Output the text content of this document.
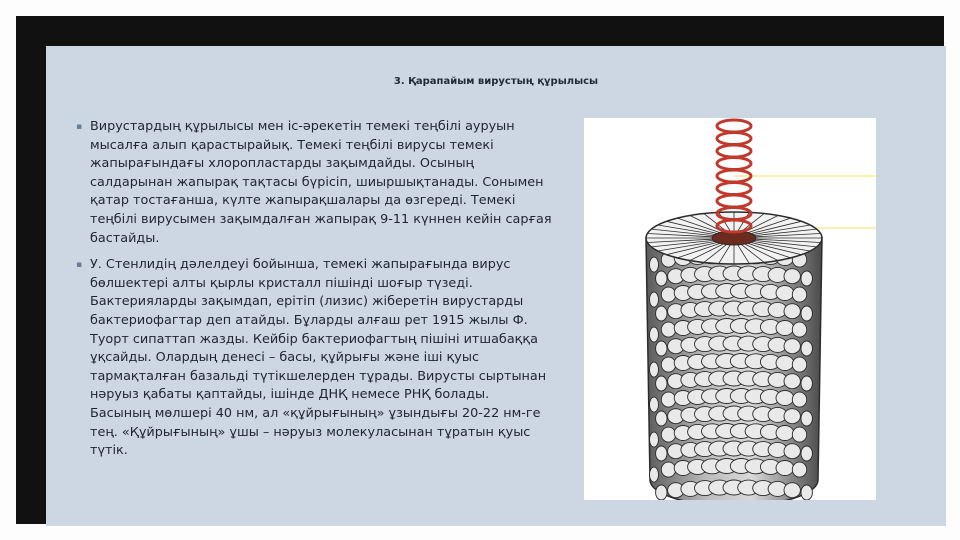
3. Қарапайым вирустың құрылысы

▪ Вирустардың құрылысы мен іс-әрекетін темекі теңбілі ауруын мысалға алып қарастырайық. Темекі теңбілі вирусы темекі жапырағындағы хлоропластарды зақымдайды. Осының салдарынан жапырақ тақтасы бүрісіп, шиыршықтанады. Сонымен қатар тостағанша, күлте жапырақшалары да өзгереді. Темекі теңбілі вирусымен зақымдалған жапырақ 9-11 күннен кейін сарғая бастайды.

▪ У. Стенлидің дәлелдеуі бойынша, темекі жапырағында вирус бөлшектері алты қырлы кристалл пішінді шоғыр түзеді. Бактерияларды зақымдап, ерітіп (лизис) жіберетін вирустарды бактериофагтар деп атайды. Бұларды алғаш рет 1915 жылы Ф. Туорт сипаттап жазды. Кейбір бактериофагтың пішіні итшабаққа ұқсайды. Олардың денесі – басы, құйрығы және іші қуыс тармақталған базальді түтікшелерден тұрады. Вирусты сыртынан нәруыз қабаты қаптайды, ішінде ДНҚ немесе РНҚ болады. Басының мөлшері 40 нм, ал «құйрығының» ұзындығы 20-22 нм-ге тең. «Құйрығының» ұшы – нәруыз молекуласынан тұратын қуыс түтік.
